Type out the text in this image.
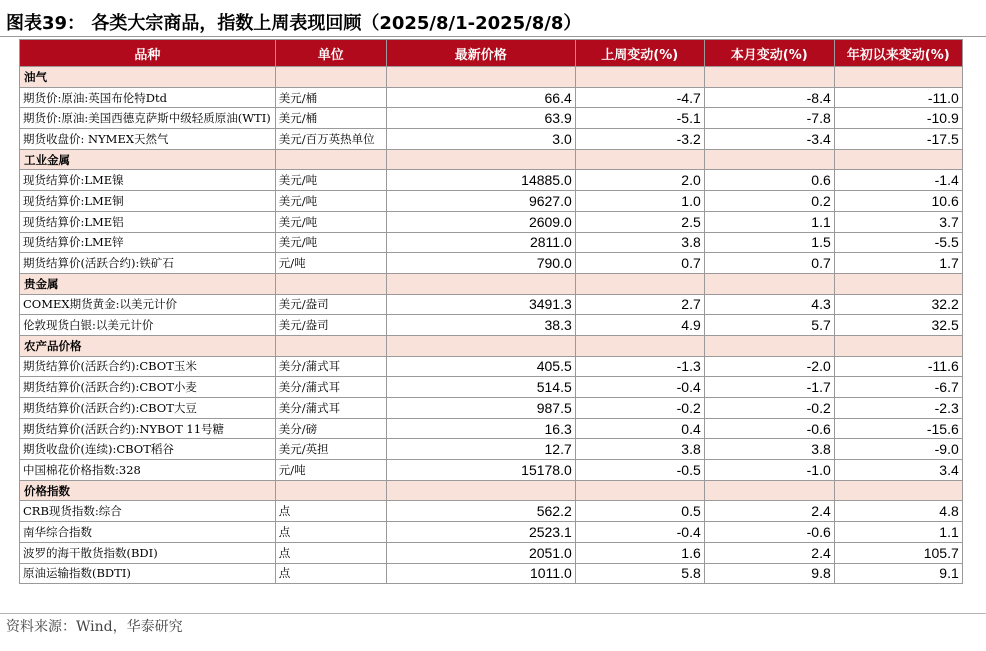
图表39： 各类大宗商品，指数上周表现回顾（2025/8/1-2025/8/8）
品种	单位	最新价格	上周变动(%)	本月变动(%)	年初以来变动(%)
油气					
期货价:原油:英国布伦特Dtd	美元/桶	66.4	-4.7	-8.4	-11.0
期货价:原油:美国西德克萨斯中级轻质原油(WTI)	美元/桶	63.9	-5.1	-7.8	-10.9
期货收盘价: NYMEX天然气	美元/百万英热单位	3.0	-3.2	-3.4	-17.5
工业金属					
现货结算价:LME镍	美元/吨	14885.0	2.0	0.6	-1.4
现货结算价:LME铜	美元/吨	9627.0	1.0	0.2	10.6
现货结算价:LME铝	美元/吨	2609.0	2.5	1.1	3.7
现货结算价:LME锌	美元/吨	2811.0	3.8	1.5	-5.5
期货结算价(活跃合约):铁矿石	元/吨	790.0	0.7	0.7	1.7
贵金属					
COMEX期货黄金:以美元计价	美元/盎司	3491.3	2.7	4.3	32.2
伦敦现货白银:以美元计价	美元/盎司	38.3	4.9	5.7	32.5
农产品价格					
期货结算价(活跃合约):CBOT玉米	美分/蒲式耳	405.5	-1.3	-2.0	-11.6
期货结算价(活跃合约):CBOT小麦	美分/蒲式耳	514.5	-0.4	-1.7	-6.7
期货结算价(活跃合约):CBOT大豆	美分/蒲式耳	987.5	-0.2	-0.2	-2.3
期货结算价(活跃合约):NYBOT 11号糖	美分/磅	16.3	0.4	-0.6	-15.6
期货收盘价(连续):CBOT稻谷	美元/英担	12.7	3.8	3.8	-9.0
中国棉花价格指数:328	元/吨	15178.0	-0.5	-1.0	3.4
价格指数					
CRB现货指数:综合	点	562.2	0.5	2.4	4.8
南华综合指数	点	2523.1	-0.4	-0.6	1.1
波罗的海干散货指数(BDI)	点	2051.0	1.6	2.4	105.7
原油运输指数(BDTI)	点	1011.0	5.8	9.8	9.1
资料来源：Wind，华泰研究
